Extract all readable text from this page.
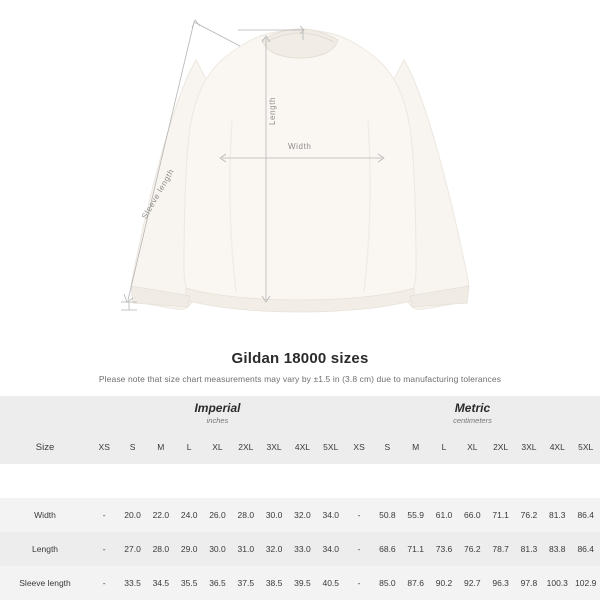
Length
Width
Sleeve length
Gildan 18000 sizes
Please note that size chart measurements may vary by ±1.5 in (3.8 cm) due to manufacturing tolerances

	Imperial
inches									Metric
centimeters								

Size	XS	S	M	L	XL	2XL	3XL	4XL	5XL	XS	S	M	L	XL	2XL	3XL	4XL	5XL

Width	-	20.0	22.0	24.0	26.0	28.0	30.0	32.0	34.0	-	50.8	55.9	61.0	66.0	71.1	76.2	81.3	86.4
Length	-	27.0	28.0	29.0	30.0	31.0	32.0	33.0	34.0	-	68.6	71.1	73.6	76.2	78.7	81.3	83.8	86.4
Sleeve length	-	33.5	34.5	35.5	36.5	37.5	38.5	39.5	40.5	-	85.0	87.6	90.2	92.7	96.3	97.8	100.3	102.9
